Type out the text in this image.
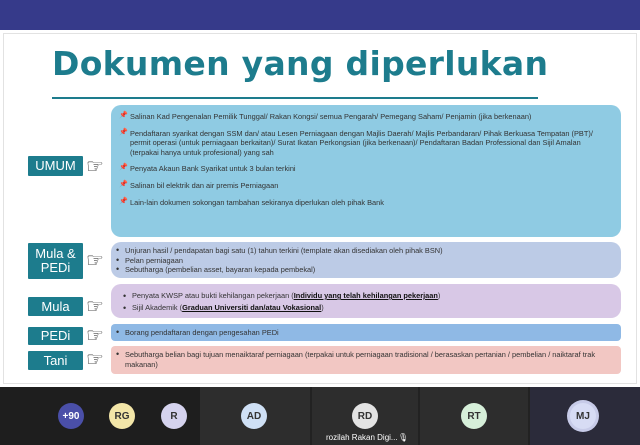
Dokumen yang diperlukan
UMUM ☞
📌 Salinan Kad Pengenalan Pemilik Tunggal/ Rakan Kongsi/ semua Pengarah/ Pemegang Saham/ Penjamin (jika berkenaan)
📌 Pendaftaran syarikat dengan SSM dan/ atau Lesen Perniagaan dengan Majlis Daerah/ Majlis Perbandaran/ Pihak Berkuasa Tempatan (PBT)/ permit operasi (untuk perniagaan berkaitan)/ Surat Ikatan Perkongsian (jika berkenaan)/ Pendaftaran Badan Professional dan Sijil Amalan (terpakai hanya untuk profesional) yang sah
📌 Penyata Akaun Bank Syarikat untuk 3 bulan terkini
📌 Salinan bil elektrik dan air premis Perniagaan
📌 Lain-lain dokumen sokongan tambahan sekiranya diperlukan oleh pihak Bank
Mula & PEDi ☞	• Unjuran hasil / pendapatan bagi satu (1) tahun terkini (template akan disediakan oleh pihak BSN)
• Pelan perniagaan
• Sebutharga (pembelian asset, bayaran kepada pembekal)
Mula ☞
• Penyata KWSP atau bukti kehilangan pekerjaan (Individu yang telah kehilangan pekerjaan)
• Sijil Akademik (Graduan Universiti dan/atau Vokasional)
PEDi ☞	• Borang pendaftaran dengan pengesahan PEDi
Tani ☞	• Sebutharga belian bagi tujuan menaiktaraf perniagaan (terpakai untuk perniagaan tradisional / berasaskan pertanian / pembelian / naiktaraf trak makanan)
+90	RG	R	AD	RD	RT	MJ
rozilah Rakan Digi... 🎙
